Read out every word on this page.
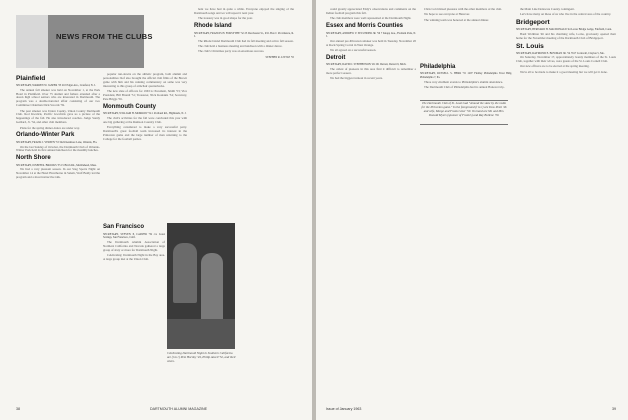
NEWS FROM THE CLUBS
Plainfield
SECRETARY, WARREN W. JASPER '33 210 Edgar Ave., Cranford, N. J.

The annual fall smoker was held on November 1, at the Park Hotel in Plainfield. Over 75 alumni and fathers attended after a dozen high school seniors who are interested in Dartmouth. The program was a double-barreled affair consisting of our two Committee Chairmen Dick Swords '39.

The past smoker was Union County, Union County Dartmouth Club. Rod Kwalick, Pacific Gwafrick gave us a picture of the happenings of the fall. He also introduced coaches. Judge Sandy Gerhard, Jr. '34, and other club members.

Plans for the spring dinner-dance are under way.

Orlando-Winter Park
SECRETARY, FRANK J. VERSEN '53 3424 Kenmore Lane, Orlando, Fla.

On the last Sunday of October, the Dartmouth Club of Orlando-Winter Park held its first annual luncheon for the monthly lunches.

North Shore
SECRETARY, JOSEPH R. BROOKS '55 15 Birch Rd., Marblehead, Mass.

We had a very pleasant season. In our Stag Sports Night on November 14 at the Hotel Hawthorne in Salem, Wolf Baldy led the program and a most instructive talk.

popular run-downs on the athletic program, both alumni and personalities: Ref also brought the official club films of the Brown game with him and his running commentary on same was very interesting to this group of armchair quarterbacks.

The new slate of officers for 1963 is: President, Smith '53; Vice President, Bill Brandt '51; Treasurer, Nick Koutakis '54; Secretary, Pete Briggs '56.

Monmouth County
SECRETARY, WILLIAM H. MORROW '54 1 Portland Rd., Highlands, N. J.

The club's activities for the fall were concluded this year with one big gathering at the Rumson Country Club.

Everything considered to make a very successful party. Dartmouth's great football team increased its interest in the Princeton game and the large number of men returning to the College for the football parties.

San Francisco
SECRETARY, STEVEN P. CARVER '59 c/o Coast Savings, San Francisco, Calif.

The Dartmouth Alumni Association of Northern California and Nevada gathered a large group of sixty or more for Dartmouth Night.

Celebrating: Dartmouth Night in the Bay area. A large group met at the Union Club.

Celebrating Dartmouth Night in Southern California are (l to r) Pete Hornby '49, Philip Ansell '52, and their wives.

bent we have had in quite a while. Everyone enjoyed the singing of the Dartmouth songs and we will repeat it next year.

The treasury was in good shape for the year.

Rhode Island
SECRETARY, FRANCIS H. FORSYTHE '52 23 Dorchester St., P.O. Box C Providence, R. I.

The Rhode Island Dartmouth Club had its fall meeting and active fall season.

The club held a business meeting and luncheon with a dinner dance.

The club's Christmas party was an enormous success.

STEPHEN R. LITTLE '55
38	DARTMOUTH ALUMNI MAGAZINE

could greatly appreciated Eddy's observations and comments on the Indian football program this fall.

The club members were well represented at the Dartmouth Night.

Essex and Morris Counties
SECRETARY, ANDREW V. SECUNDER JR. '56 7 Knapp Ave., Florham Park, N. J.

Our annual pre-Princeton smoker was held in Tuesday, November 20 at Rock Spring Corral in West Orange.

We all agreed on a successful season.

Detroit
SECRETARY, DAVID J. STEPHENSON '49 101 Detroit, Detroit 9, Mich.

The oldest of pioneers in this area find it difficult to remember a more perfect season.

We had the biggest turnout in recent years.

Chris Cold mixed pleasure with the other members of the club.

We hope to see everyone at Hanover.

The winning team was honored at the annual dinner.

Philadelphia
SECRETARY, RUSSELL S. HERR '55 1207 Findley Philadelphia Trust Bldg. Philadelphia 7, Pa.

Three very ebullient events to Philadelphia's alumni attendance.

The Dartmouth Club of Philadelphia had its annual Hanover trip.

The Dartmouth Club of St. Louis had "Around the state by the radio for the Princeton game." In the foreground (l to r) are Dow Pratt '46 and wife, Marge and Frank Greer '50. On hand are Mr. and Mrs. Donald Myers (sponsor of Frank's) and Ray Bullene '30.

the Main Line Delaware County contingent.

Let's have many on these of us who live in the central area of the country.

Bridgeport
SECRETARY, BERNARD H. MACDONALD '44 Lower Bridge Ledge, Fairfield, Conn.

Basil Wollman '46 and his charming wife, Lorna, graciously opened their home for the November meeting of the Dartmouth Club of Bridgeport.

St. Louis
SECRETARY, RAYMOND E. BOWMAN JR. '54 7617 Cornwall, Clayton 5, Mo.

On Saturday, November 17, approximately twenty members of the St. Louis Club, together with their wives, were guests of the St. Louis Cornell Club.

Our new officers are to be elected at the spring meeting.

We're all to be made to make it a good meeting but we will get it done.

Issue of January 1963	39
